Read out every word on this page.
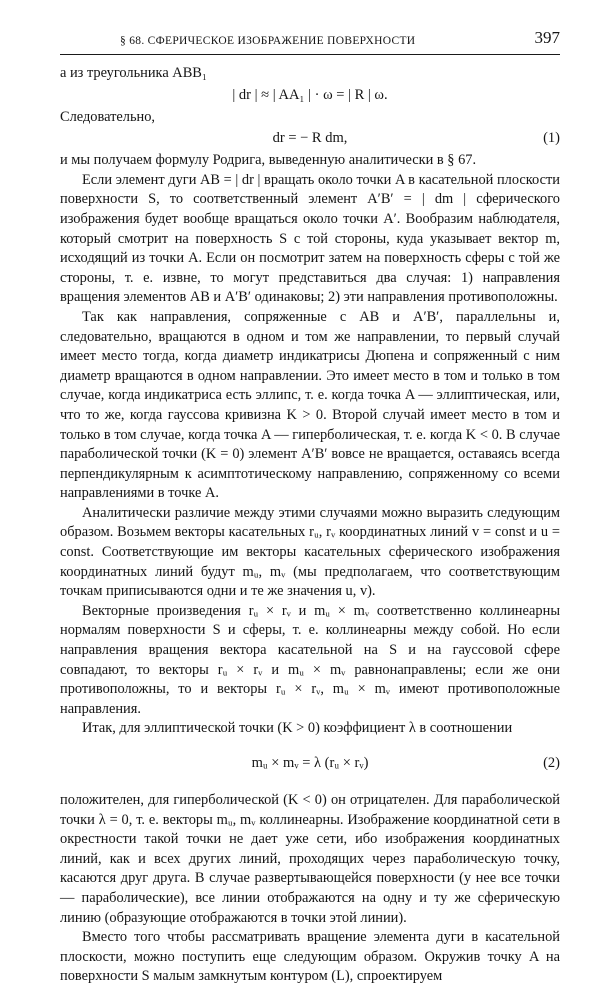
§ 68. СФЕРИЧЕСКОЕ ИЗОБРАЖЕНИЕ ПОВЕРХНОСТИ	397

а из треугольника ABB₁

| dr | ≈ | AA₁ | · ω = | R | ω.

Следовательно,

dr = − R dm,	(1)

и мы получаем формулу Родрига, выведенную аналитически в § 67.

Если элемент дуги AB = | dr | вращать около точки A в касательной плоскости поверхности S, то соответственный элемент A′B′ = | dm | сферического изображения будет вообще вращаться около точки A′. Вообразим наблюдателя, который смотрит на поверхность S с той стороны, куда указывает вектор m, исходящий из точки A. Если он посмотрит затем на поверхность сферы с той же стороны, т. е. извне, то могут представиться два случая: 1) направления вращения элементов AB и A′B′ одинаковы; 2) эти направления противоположны.

Так как направления, сопряженные с AB и A′B′, параллельны и, следовательно, вращаются в одном и том же направлении, то первый случай имеет место тогда, когда диаметр индикатрисы Дюпена и сопряженный с ним диаметр вращаются в одном направлении. Это имеет место в том и только в том случае, когда индикатриса есть эллипс, т. е. когда точка A — эллиптическая, или, что то же, когда гауссова кривизна K > 0. Второй случай имеет место в том и только в том случае, когда точка A — гиперболическая, т. е. когда K < 0. В случае параболической точки (K = 0) элемент A′B′ вовсе не вращается, оставаясь всегда перпендикулярным к асимптотическому направлению, сопряженному со всеми направлениями в точке A.

Аналитически различие между этими случаями можно выразить следующим образом. Возьмем векторы касательных rᵤ, rᵥ координатных линий v = const и u = const. Соответствующие им векторы касательных сферического изображения координатных линий будут mᵤ, mᵥ (мы предполагаем, что соответствующим точкам приписываются одни и те же значения u, v).

Векторные произведения rᵤ × rᵥ и mᵤ × mᵥ соответственно коллинеарны нормалям поверхности S и сферы, т. е. коллинеарны между собой. Но если направления вращения вектора касательной на S и на гауссовой сфере совпадают, то векторы rᵤ × rᵥ и mᵤ × mᵥ равнонаправлены; если же они противоположны, то и векторы rᵤ × rᵥ, mᵤ × mᵥ имеют противоположные направления.

Итак, для эллиптической точки (K > 0) коэффициент λ в соотношении

mᵤ × mᵥ = λ (rᵤ × rᵥ)	(2)

положителен, для гиперболической (K < 0) он отрицателен. Для параболической точки λ = 0, т. е. векторы mᵤ, mᵥ коллинеарны. Изображение координатной сети в окрестности такой точки не дает уже сети, ибо изображения координатных линий, как и всех других линий, проходящих через параболическую точку, касаются друг друга. В случае развертывающейся поверхности (у нее все точки — параболические), все линии отображаются на одну и ту же сферическую линию (образующие отображаются в точки этой линии).

Вместо того чтобы рассматривать вращение элемента дуги в касательной плоскости, можно поступить еще следующим образом. Окружив точку A на поверхности S малым замкнутым контуром (L), спроектируем
